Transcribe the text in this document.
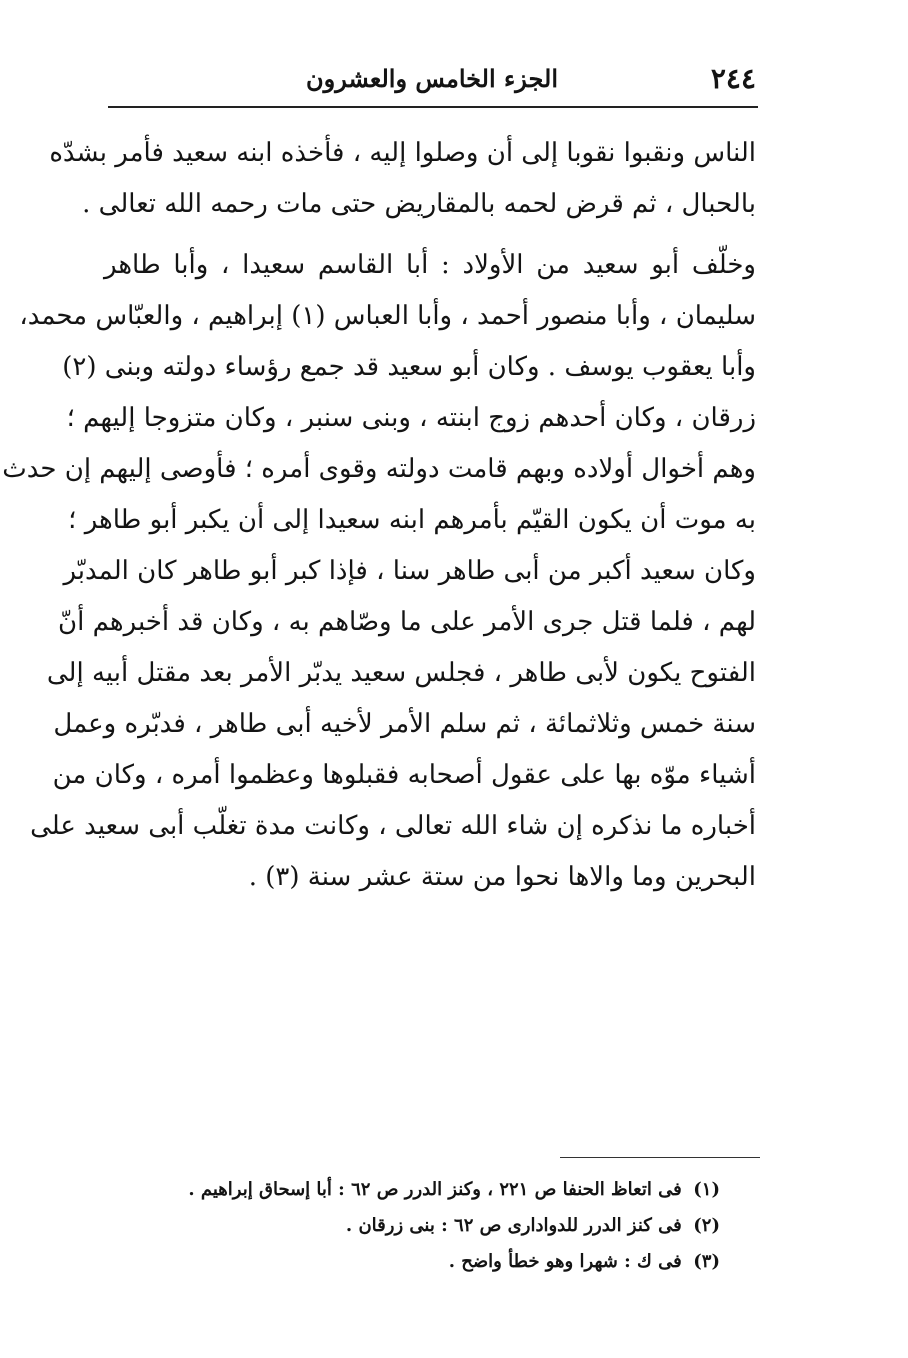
٢٤٤
الجزء الخامس والعشرون
الناس ونقبوا نقوبا إلى أن وصلوا إليه ، فأخذه ابنه سعيد فأمر بشدّه
بالحبال ، ثم قرض لحمه بالمقاريض حتى مات رحمه الله تعالى .
وخلّف أبو سعيد من الأولاد : أبا القاسم سعيدا ، وأبا طاهر
سليمان ، وأبا منصور أحمد ، وأبا العباس (١) إبراهيم ، والعبّاس محمد،
وأبا يعقوب يوسف . وكان أبو سعيد قد جمع رؤساء دولته وبنى (٢)
زرقان ، وكان أحدهم زوج ابنته ، وبنى سنبر ، وكان متزوجا إليهم ؛
وهم أخوال أولاده وبهم قامت دولته وقوى أمره ؛ فأوصى إليهم إن حدث
به موت أن يكون القيّم بأمرهم ابنه سعيدا إلى أن يكبر أبو طاهر ؛
وكان سعيد أكبر من أبى طاهر سنا ، فإذا كبر أبو طاهر كان المدبّر
لهم ، فلما قتل جرى الأمر على ما وصّاهم به ، وكان قد أخبرهم أنّ
الفتوح يكون لأبى طاهر ، فجلس سعيد يدبّر الأمر بعد مقتل أبيه إلى
سنة خمس وثلاثمائة ، ثم سلم الأمر لأخيه أبى طاهر ، فدبّره وعمل
أشياء موّه بها على عقول أصحابه فقبلوها وعظموا أمره ، وكان من
أخباره ما نذكره إن شاء الله تعالى ، وكانت مدة تغلّب أبى سعيد على
البحرين وما والاها نحوا من ستة عشر سنة (٣) .
(١) فى اتعاظ الحنفا ص ٢٢١ ، وكنز الدرر ص ٦٢ : أبا إسحاق إبراهيم .
(٢) فى كنز الدرر للدوادارى ص ٦٢ : بنى زرقان .
(٣) فى ك : شهرا وهو خطأ واضح .
